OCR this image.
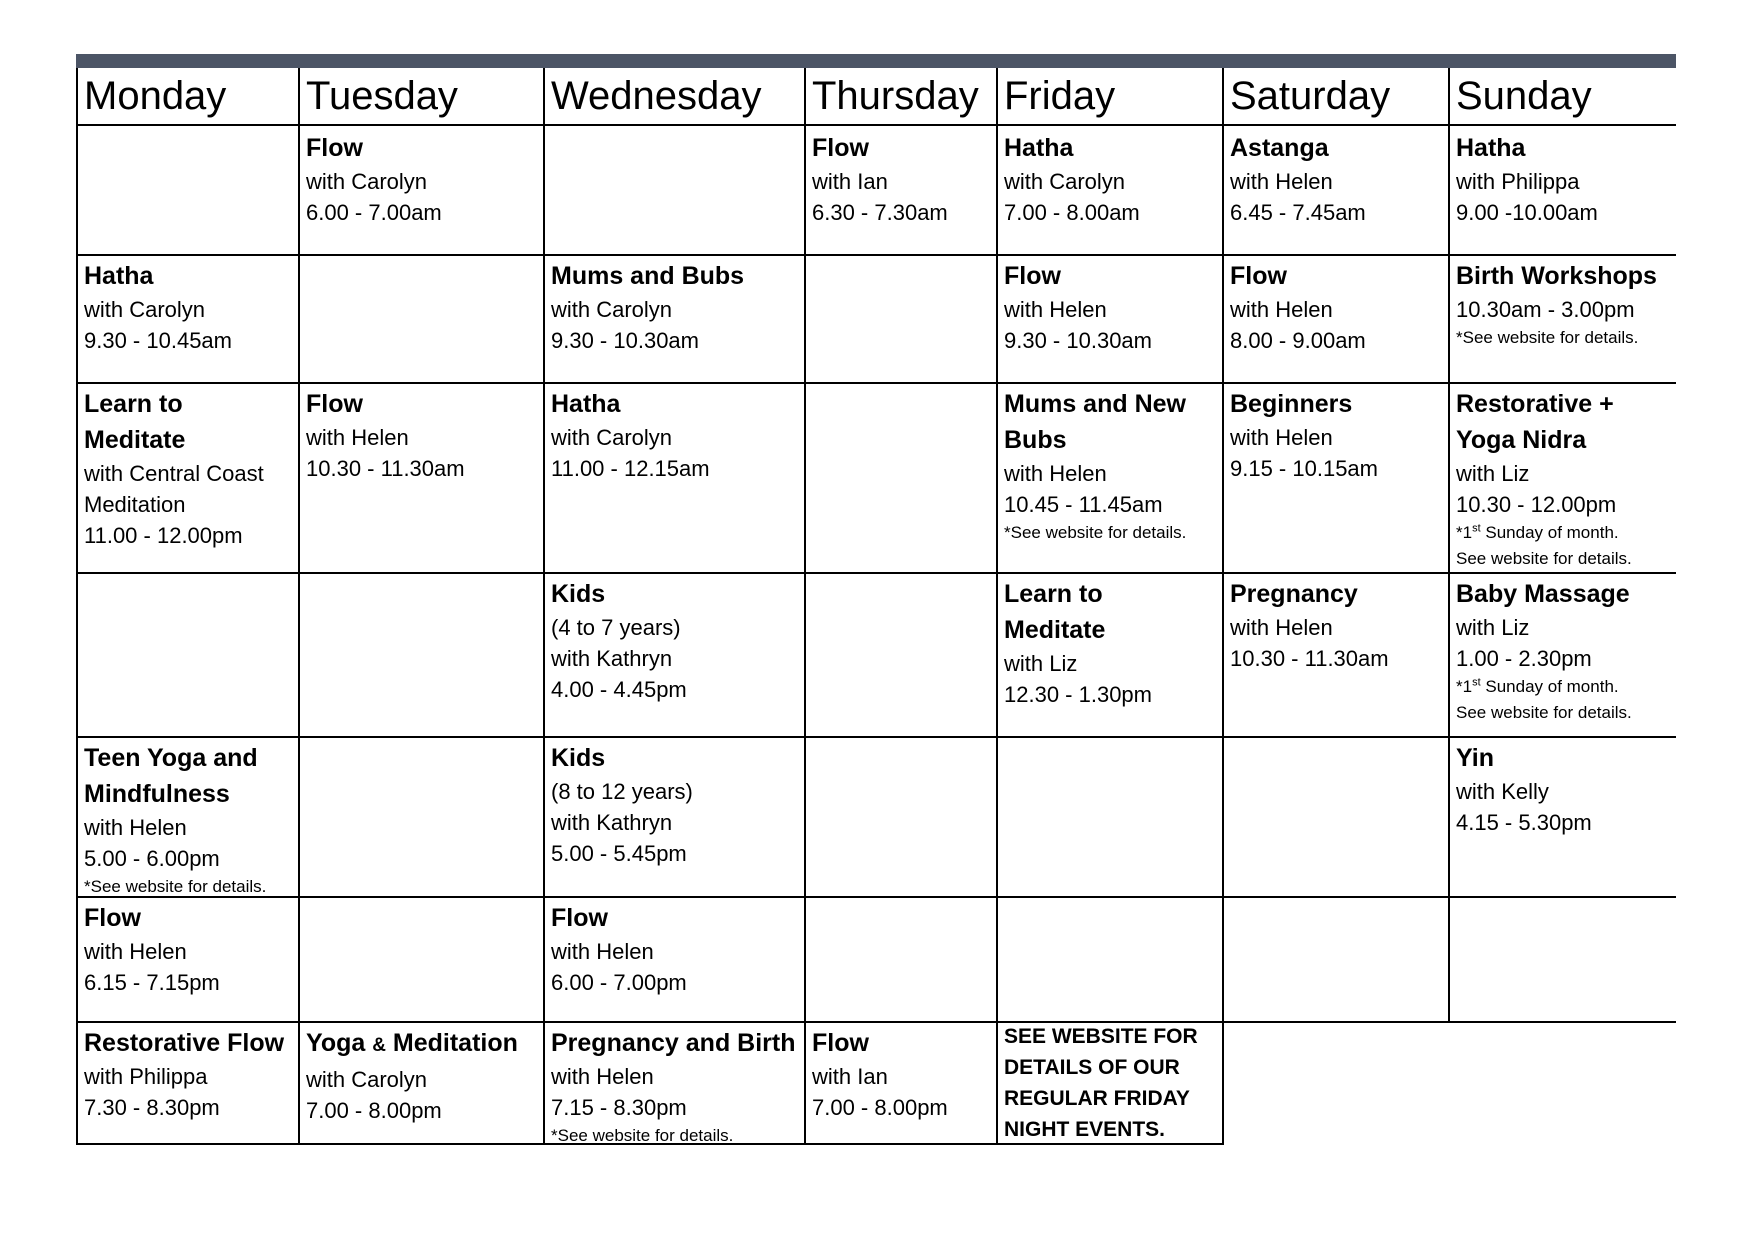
Monday Tuesday Wednesday Thursday Friday	Saturday Sunday
Flow
with Carolyn
6.00 - 7.00am
Flow
with Ian
6.30 - 7.30am
Hatha
with Carolyn
7.00 - 8.00am
Astanga
with Helen
6.45 - 7.45am
Hatha
with Philippa
9.00 -10.00am
Hatha
with Carolyn
9.30 - 10.45am
Mums and Bubs
with Carolyn
9.30 - 10.30am
Flow
with Helen
9.30 - 10.30am
Flow
with Helen
8.00 - 9.00am
Birth Workshops
10.30am - 3.00pm
*See website for details.
Learn to
Meditate
with Central Coast
Meditation
11.00 - 12.00pm
Flow
with Helen
10.30 - 11.30am
Hatha
with Carolyn
11.00 - 12.15am
Mums and New
Bubs
with Helen
10.45 - 11.45am
*See website for details.
Beginners
with Helen
9.15 - 10.15am
Restorative +
Yoga Nidra
with Liz
10.30 - 12.00pm
*1st Sunday of month.
See website for details.
Kids
(4 to 7 years)
with Kathryn
4.00 - 4.45pm
Learn to
Meditate
with Liz
12.30 - 1.30pm
Pregnancy
with Helen
10.30 - 11.30am
Baby Massage
with Liz
1.00 - 2.30pm
*1st Sunday of month.
See website for details.
Teen Yoga and
Mindfulness
with Helen
5.00 - 6.00pm
*See website for details.
Kids
(8 to 12 years)
with Kathryn
5.00 - 5.45pm
Yin
with Kelly
4.15 - 5.30pm
Flow
with Helen
6.15 - 7.15pm
Flow
with Helen
6.00 - 7.00pm
Restorative Flow
with Philippa
7.30 - 8.30pm
Yoga & Meditation
with Carolyn
7.00 - 8.00pm
Pregnancy and Birth
with Helen
7.15 - 8.30pm
*See website for details.
Flow
with Ian
7.00 - 8.00pm
SEE WEBSITE FOR
DETAILS OF OUR
REGULAR FRIDAY
NIGHT EVENTS.
